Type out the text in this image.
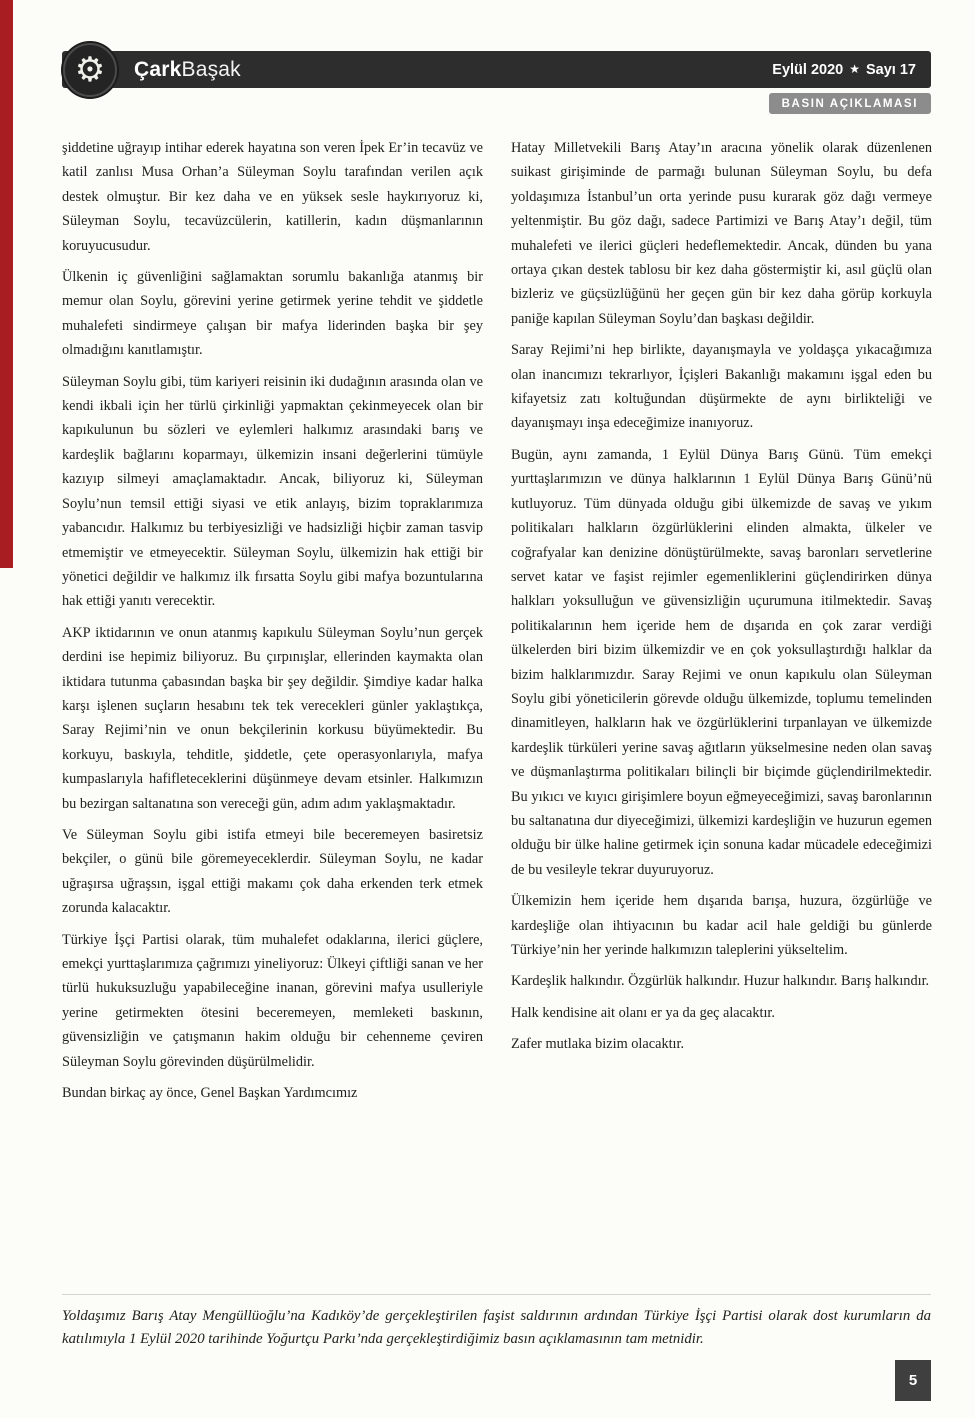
⚙ ÇarkBaşak	Eylül 2020 ★ Sayı 17
BASIN AÇIKLAMASI

şiddetine uğrayıp intihar ederek hayatına son veren İpek Er’in tecavüz ve katil zanlısı Musa Orhan’a Süleyman Soylu tarafından verilen açık destek olmuştur. Bir kez daha ve en yüksek sesle haykırıyoruz ki, Süleyman Soylu, tecavüzcülerin, katillerin, kadın düşmanlarının koruyucusudur.

Ülkenin iç güvenliğini sağlamaktan sorumlu bakanlığa atanmış bir memur olan Soylu, görevini yerine getirmek yerine tehdit ve şiddetle muhalefeti sindirmeye çalışan bir mafya liderinden başka bir şey olmadığını kanıtlamıştır.

Süleyman Soylu gibi, tüm kariyeri reisinin iki dudağının arasında olan ve kendi ikbali için her türlü çirkinliği yapmaktan çekinmeyecek olan bir kapıkulunun bu sözleri ve eylemleri halkımız arasındaki barış ve kardeşlik bağlarını koparmayı, ülkemizin insani değerlerini tümüyle kazıyıp silmeyi amaçlamaktadır. Ancak, biliyoruz ki, Süleyman Soylu’nun temsil ettiği siyasi ve etik anlayış, bizim topraklarımıza yabancıdır. Halkımız bu terbiyesizliği ve hadsizliği hiçbir zaman tasvip etmemiştir ve etmeyecektir. Süleyman Soylu, ülkemizin hak ettiği bir yönetici değildir ve halkımız ilk fırsatta Soylu gibi mafya bozuntularına hak ettiği yanıtı verecektir.

AKP iktidarının ve onun atanmış kapıkulu Süleyman Soylu’nun gerçek derdini ise hepimiz biliyoruz. Bu çırpınışlar, ellerinden kaymakta olan iktidara tutunma çabasından başka bir şey değildir. Şimdiye kadar halka karşı işlenen suçların hesabını tek tek verecekleri günler yaklaştıkça, Saray Rejimi’nin ve onun bekçilerinin korkusu büyümektedir. Bu korkuyu, baskıyla, tehditle, şiddetle, çete operasyonlarıyla, mafya kumpaslarıyla hafifleteceklerini düşünmeye devam etsinler. Halkımızın bu bezirgan saltanatına son vereceği gün, adım adım yaklaşmaktadır.

Ve Süleyman Soylu gibi istifa etmeyi bile beceremeyen basiretsiz bekçiler, o günü bile göremeyeceklerdir. Süleyman Soylu, ne kadar uğraşırsa uğraşsın, işgal ettiği makamı çok daha erkenden terk etmek zorunda kalacaktır.

Türkiye İşçi Partisi olarak, tüm muhalefet odaklarına, ilerici güçlere, emekçi yurttaşlarımıza çağrımızı yineliyoruz: Ülkeyi çiftliği sanan ve her türlü hukuksuzluğu yapabileceğine inanan, görevini mafya usulleriyle yerine getirmekten ötesini beceremeyen, memleketi baskının, güvensizliğin ve çatışmanın hakim olduğu bir cehenneme çeviren Süleyman Soylu görevinden düşürülmelidir.

Bundan birkaç ay önce, Genel Başkan Yardımcımız

Hatay Milletvekili Barış Atay’ın aracına yönelik olarak düzenlenen suikast girişiminde de parmağı bulunan Süleyman Soylu, bu defa yoldaşımıza İstanbul’un orta yerinde pusu kurarak göz dağı vermeye yeltenmiştir. Bu göz dağı, sadece Partimizi ve Barış Atay’ı değil, tüm muhalefeti ve ilerici güçleri hedeflemektedir. Ancak, dünden bu yana ortaya çıkan destek tablosu bir kez daha göstermiştir ki, asıl güçlü olan bizleriz ve güçsüzlüğünü her geçen gün bir kez daha görüp korkuyla paniğe kapılan Süleyman Soylu’dan başkası değildir.

Saray Rejimi’ni hep birlikte, dayanışmayla ve yoldaşça yıkacağımıza olan inancımızı tekrarlıyor, İçişleri Bakanlığı makamını işgal eden bu kifayetsiz zatı koltuğundan düşürmekte de aynı birlikteliği ve dayanışmayı inşa edeceğimize inanıyoruz.

Bugün, aynı zamanda, 1 Eylül Dünya Barış Günü. Tüm emekçi yurttaşlarımızın ve dünya halklarının 1 Eylül Dünya Barış Günü’nü kutluyoruz. Tüm dünyada olduğu gibi ülkemizde de savaş ve yıkım politikaları halkların özgürlüklerini elinden almakta, ülkeler ve coğrafyalar kan denizine dönüştürülmekte, savaş baronları servetlerine servet katar ve faşist rejimler egemenliklerini güçlendirirken dünya halkları yoksulluğun ve güvensizliğin uçurumuna itilmektedir. Savaş politikalarının hem içeride hem de dışarıda en çok zarar verdiği ülkelerden biri bizim ülkemizdir ve en çok yoksullaştırdığı halklar da bizim halklarımızdır. Saray Rejimi ve onun kapıkulu olan Süleyman Soylu gibi yöneticilerin görevde olduğu ülkemizde, toplumu temelinden dinamitleyen, halkların hak ve özgürlüklerini tırpanlayan ve ülkemizde kardeşlik türküleri yerine savaş ağıtların yükselmesine neden olan savaş ve düşmanlaştırma politikaları bilinçli bir biçimde güçlendirilmektedir. Bu yıkıcı ve kıyıcı girişimlere boyun eğmeyeceğimizi, savaş baronlarının bu saltanatına dur diyeceğimizi, ülkemizi kardeşliğin ve huzurun egemen olduğu bir ülke haline getirmek için sonuna kadar mücadele edeceğimizi de bu vesileyle tekrar duyuruyoruz.

Ülkemizin hem içeride hem dışarıda barışa, huzura, özgürlüğe ve kardeşliğe olan ihtiyacının bu kadar acil hale geldiği bu günlerde Türkiye’nin her yerinde halkımızın taleplerini yükseltelim.

Kardeşlik halkındır. Özgürlük halkındır. Huzur halkındır. Barış halkındır.

Halk kendisine ait olanı er ya da geç alacaktır.

Zafer mutlaka bizim olacaktır.

Yoldaşımız Barış Atay Mengüllüoğlu’na Kadıköy’de gerçekleştirilen faşist saldırının ardından Türkiye İşçi Partisi olarak dost kurumların da katılımıyla 1 Eylül 2020 tarihinde Yoğurtçu Parkı’nda gerçekleştirdiğimiz basın açıklamasının tam metnidir.
5
